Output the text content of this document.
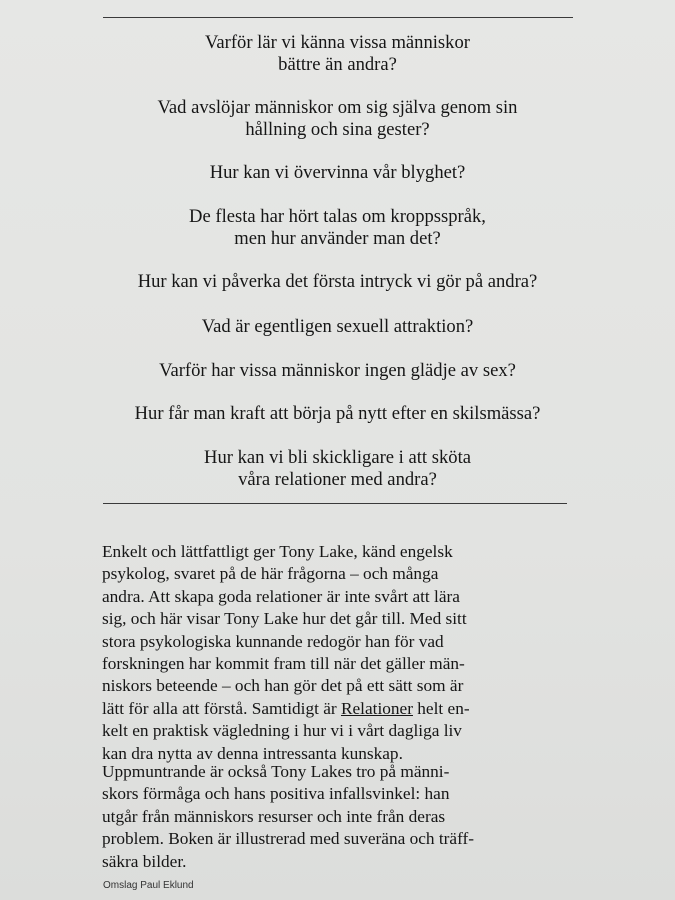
Varför lär vi känna vissa människor
bättre än andra?

Vad avslöjar människor om sig själva genom sin
hållning och sina gester?

Hur kan vi övervinna vår blyghet?

De flesta har hört talas om kroppsspråk,
men hur använder man det?

Hur kan vi påverka det första intryck vi gör på andra?

Vad är egentligen sexuell attraktion?

Varför har vissa människor ingen glädje av sex?

Hur får man kraft att börja på nytt efter en skilsmässa?

Hur kan vi bli skickligare i att sköta
våra relationer med andra?

Enkelt och lättfattligt ger Tony Lake, känd engelsk
psykolog, svaret på de här frågorna – och många
andra. Att skapa goda relationer är inte svårt att lära
sig, och här visar Tony Lake hur det går till. Med sitt
stora psykologiska kunnande redogör han för vad
forskningen har kommit fram till när det gäller män-
niskors beteende – och han gör det på ett sätt som är
lätt för alla att förstå. Samtidigt är Relationer helt en-
kelt en praktisk vägledning i hur vi i vårt dagliga liv
kan dra nytta av denna intressanta kunskap.

Uppmuntrande är också Tony Lakes tro på männi-
skors förmåga och hans positiva infallsvinkel: han
utgår från människors resurser och inte från deras
problem. Boken är illustrerad med suveräna och träff-
säkra bilder.

Omslag Paul Eklund
